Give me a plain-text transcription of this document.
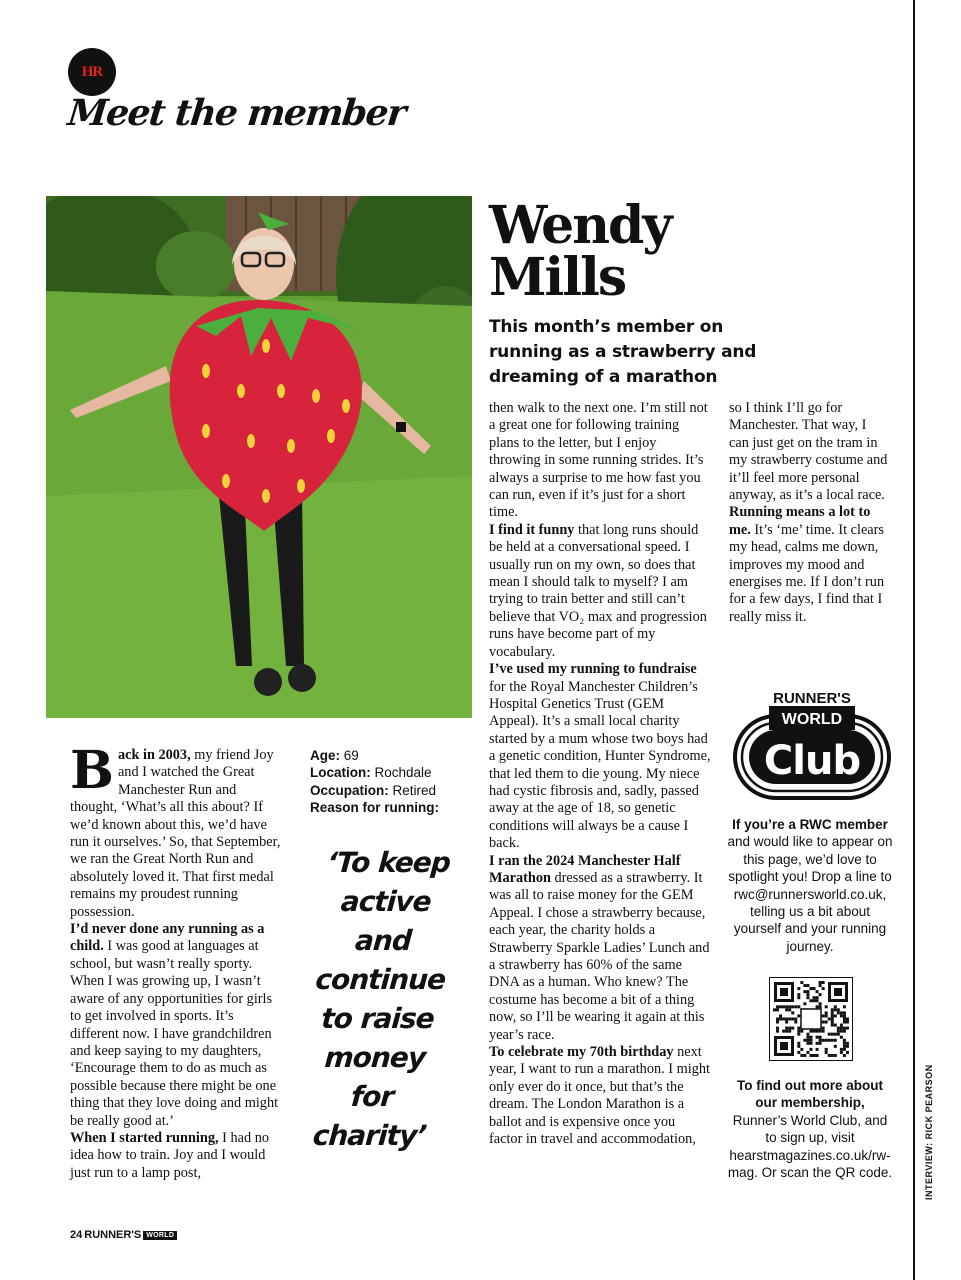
HR
Meet the member
INTERVIEW: RICK PEARSON
Wendy
Mills
This month’s member on running as a strawberry and dreaming of a marathon

Back in 2003, my friend Joy and I watched the Great Manchester Run and thought, ‘What’s all this about? If we’d known about this, we’d have run it ourselves.’ So, that September, we ran the Great North Run and absolutely loved it. That first medal remains my proudest running possession.

I’d never done any running as a child. I was good at languages at school, but wasn’t really sporty. When I was growing up, I wasn’t aware of any opportunities for girls to get involved in sports. It’s different now. I have grandchildren and keep saying to my daughters, ‘Encourage them to do as much as possible because there might be one thing that they love doing and might be really good at.’

When I started running, I had no idea how to train. Joy and I would just run to a lamp post,

Age: 69
Location: Rochdale
Occupation: Retired
Reason for running:
‘To keep active and continue to raise money for charity’

then walk to the next one. I’m still not a great one for following training plans to the letter, but I enjoy throwing in some running strides. It’s always a surprise to me how fast you can run, even if it’s just for a short time.

I find it funny that long runs should be held at a conversational speed. I usually run on my own, so does that mean I should talk to myself? I am trying to train better and still can’t believe that VO₂ max and progression runs have become part of my vocabulary.

I’ve used my running to fundraise for the Royal Manchester Children’s Hospital Genetics Trust (GEM Appeal). It’s a small local charity started by a mum whose two boys had a genetic condition, Hunter Syndrome, that led them to die young. My niece had cystic fibrosis and, sadly, passed away at the age of 18, so genetic conditions will always be a cause I back.

I ran the 2024 Manchester Half Marathon dressed as a strawberry. It was all to raise money for the GEM Appeal. I chose a strawberry because, each year, the charity holds a Strawberry Sparkle Ladies’ Lunch and a strawberry has 60% of the same DNA as a human. Who knew? The costume has become a bit of a thing now, so I’ll be wearing it again at this year’s race.

To celebrate my 70th birthday next year, I want to run a marathon. I might only ever do it once, but that’s the dream. The London Marathon is a ballot and is expensive once you factor in travel and accommodation,

so I think I’ll go for Manchester. That way, I can just get on the tram in my strawberry costume and it’ll feel more personal anyway, as it’s a local race.

Running means a lot to me. It’s ‘me’ time. It clears my head, calms me down, improves my mood and energises me. If I don’t run for a few days, I find that I really miss it.

RUNNER'S
WORLD
Club
If you’re a RWC member and would like to appear on this page, we’d love to spotlight you! Drop a line to rwc@runnersworld.co.uk, telling us a bit about yourself and your running journey.
To find out more about our membership, Runner’s World Club, and to sign up, visit hearstmagazines.co.uk/rw-mag. Or scan the QR code.
24 RUNNER'S WORLD
